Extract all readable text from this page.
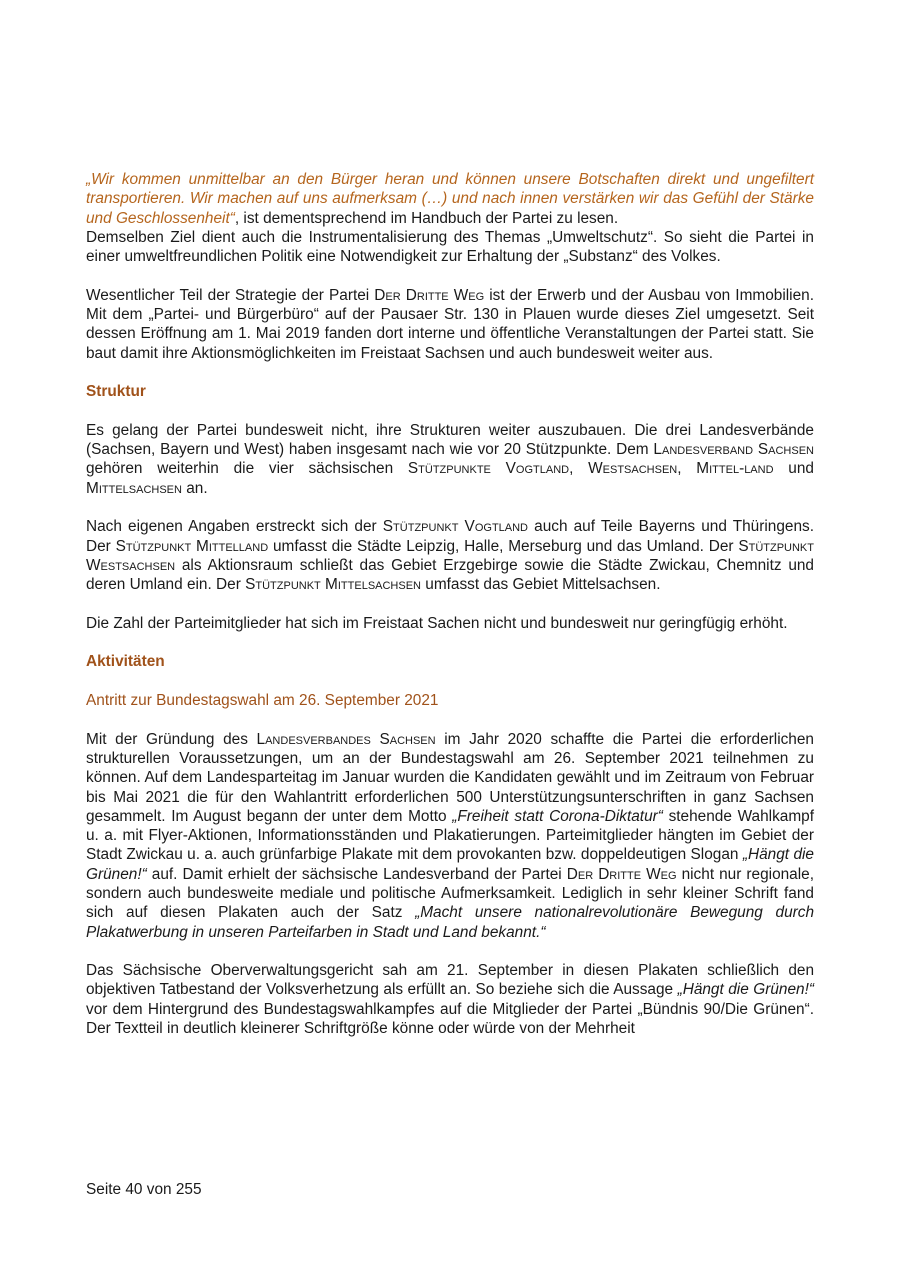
„Wir kommen unmittelbar an den Bürger heran und können unsere Botschaften direkt und ungefiltert transportieren. Wir machen auf uns aufmerksam (…) und nach innen verstärken wir das Gefühl der Stärke und Geschlossenheit“, ist dementsprechend im Handbuch der Partei zu lesen.

Demselben Ziel dient auch die Instrumentalisierung des Themas „Umweltschutz“. So sieht die Partei in einer umweltfreundlichen Politik eine Notwendigkeit zur Erhaltung der „Substanz“ des Volkes.

Wesentlicher Teil der Strategie der Partei Der Dritte Weg ist der Erwerb und der Ausbau von Immobilien. Mit dem „Partei- und Bürgerbüro“ auf der Pausaer Str. 130 in Plauen wurde dieses Ziel umgesetzt. Seit dessen Eröffnung am 1. Mai 2019 fanden dort interne und öffentliche Veranstaltungen der Partei statt. Sie baut damit ihre Aktionsmöglichkeiten im Freistaat Sachsen und auch bundesweit weiter aus.

Struktur

Es gelang der Partei bundesweit nicht, ihre Strukturen weiter auszubauen. Die drei Landesverbände (Sachsen, Bayern und West) haben insgesamt nach wie vor 20 Stützpunkte. Dem Landesverband Sachsen gehören weiterhin die vier sächsischen Stützpunkte Vogtland, Westsachsen, Mittel-land und Mittelsachsen an.

Nach eigenen Angaben erstreckt sich der Stützpunkt Vogtland auch auf Teile Bayerns und Thüringens. Der Stützpunkt Mittelland umfasst die Städte Leipzig, Halle, Merseburg und das Umland. Der Stützpunkt Westsachsen als Aktionsraum schließt das Gebiet Erzgebirge sowie die Städte Zwickau, Chemnitz und deren Umland ein. Der Stützpunkt Mittelsachsen umfasst das Gebiet Mittelsachsen.

Die Zahl der Parteimitglieder hat sich im Freistaat Sachen nicht und bundesweit nur geringfügig erhöht.

Aktivitäten

Antritt zur Bundestagswahl am 26. September 2021

Mit der Gründung des Landesverbandes Sachsen im Jahr 2020 schaffte die Partei die erforderlichen strukturellen Voraussetzungen, um an der Bundestagswahl am 26. September 2021 teilnehmen zu können. Auf dem Landesparteitag im Januar wurden die Kandidaten gewählt und im Zeitraum von Februar bis Mai 2021 die für den Wahlantritt erforderlichen 500 Unterstützungsunterschriften in ganz Sachsen gesammelt. Im August begann der unter dem Motto „Freiheit statt Corona-Diktatur“ stehende Wahlkampf u. a. mit Flyer-Aktionen, Informationsständen und Plakatierungen. Parteimitglieder hängten im Gebiet der Stadt Zwickau u. a. auch grünfarbige Plakate mit dem provokanten bzw. doppeldeutigen Slogan „Hängt die Grünen!“ auf. Damit erhielt der sächsische Landesverband der Partei Der Dritte Weg nicht nur regionale, sondern auch bundesweite mediale und politische Aufmerksamkeit. Lediglich in sehr kleiner Schrift fand sich auf diesen Plakaten auch der Satz „Macht unsere nationalrevolutionäre Bewegung durch Plakatwerbung in unseren Parteifarben in Stadt und Land bekannt.“

Das Sächsische Oberverwaltungsgericht sah am 21. September in diesen Plakaten schließlich den objektiven Tatbestand der Volksverhetzung als erfüllt an. So beziehe sich die Aussage „Hängt die Grünen!“ vor dem Hintergrund des Bundestagswahlkampfes auf die Mitglieder der Partei „Bündnis 90/Die Grünen“. Der Textteil in deutlich kleinerer Schriftgröße könne oder würde von der Mehrheit

Seite 40 von 255
